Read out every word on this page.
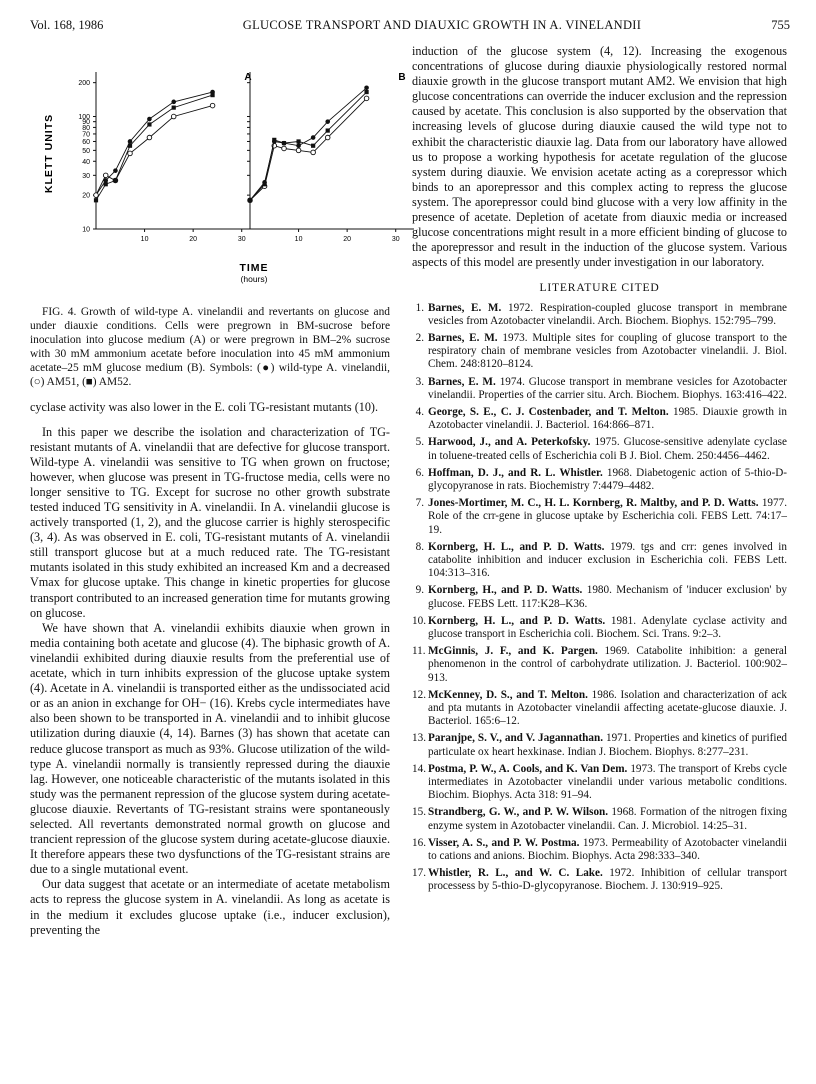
Vol. 168, 1986	GLUCOSE TRANSPORT AND DIAUXIC GROWTH IN A. VINELANDII	755
KLETT UNITS
TIME
(hours)
10
20
30
40
50
60
70
80
90
100
200
10	20	30
A
10	20	30
B

FIG. 4. Growth of wild-type A. vinelandii and revertants on glucose and under diauxie conditions. Cells were pregrown in BM-sucrose before inoculation into glucose medium (A) or were pregrown in BM–2% sucrose with 30 mM ammonium acetate before inoculation into 45 mM ammonium acetate–25 mM glucose medium (B). Symbols: (●) wild-type A. vinelandii, (○) AM51, (■) AM52.

cyclase activity was also lower in the E. coli TG-resistant mutants (10).

In this paper we describe the isolation and characterization of TG-resistant mutants of A. vinelandii that are defective for glucose transport. Wild-type A. vinelandii was sensitive to TG when grown on fructose; however, when glucose was present in TG-fructose media, cells were no longer sensitive to TG. Except for sucrose no other growth substrate tested induced TG sensitivity in A. vinelandii. In A. vinelandii glucose is actively transported (1, 2), and the glucose carrier is highly sterospecific (3, 4). As was observed in E. coli, TG-resistant mutants of A. vinelandii still transport glucose but at a much reduced rate. The TG-resistant mutants isolated in this study exhibited an increased Km and a decreased Vmax for glucose uptake. This change in kinetic properties for glucose transport contributed to an increased generation time for mutants growing on glucose.

We have shown that A. vinelandii exhibits diauxie when grown in media containing both acetate and glucose (4). The biphasic growth of A. vinelandii exhibited during diauxie results from the preferential use of acetate, which in turn inhibits expression of the glucose uptake system (4). Acetate in A. vinelandii is transported either as the undissociated acid or as an anion in exchange for OH− (16). Krebs cycle intermediates have also been shown to be transported in A. vinelandii and to inhibit glucose utilization during diauxie (4, 14). Barnes (3) has shown that acetate can reduce glucose transport as much as 93%. Glucose utilization of the wild-type A. vinelandii normally is transiently repressed during the diauxie lag. However, one noticeable characteristic of the mutants isolated in this study was the permanent repression of the glucose system during acetate-glucose diauxie. Revertants of TG-resistant strains were spontaneously selected. All revertants demonstrated normal growth on glucose and trancient repression of the glucose system during acetate-glucose diauxie. It therefore appears these two dysfunctions of the TG-resistant strains are due to a single mutational event.

Our data suggest that acetate or an intermediate of acetate metabolism acts to repress the glucose system in A. vinelandii. As long as acetate is in the medium it excludes glucose uptake (i.e., inducer exclusion), preventing the

induction of the glucose system (4, 12). Increasing the exogenous concentrations of glucose during diauxie physiologically restored normal diauxie growth in the glucose transport mutant AM2. We envision that high glucose concentrations can override the inducer exclusion and the repression caused by acetate. This conclusion is also supported by the observation that increasing levels of glucose during diauxie caused the wild type not to exhibit the characteristic diauxie lag. Data from our laboratory have allowed us to propose a working hypothesis for acetate regulation of the glucose system during diauxie. We envision acetate acting as a corepressor which binds to an aporepressor and this complex acting to repress the glucose system. The aporepressor could bind glucose with a very low affinity in the presence of acetate. Depletion of acetate from diauxic media or increased glucose concentrations might result in a more efficient binding of glucose to the aporepressor and result in the induction of the glucose system. Various aspects of this model are presently under investigation in our laboratory.

LITERATURE CITED
1. Barnes, E. M. 1972. Respiration-coupled glucose transport in membrane vesicles from Azotobacter vinelandii. Arch. Biochem. Biophys. 152:795–799.
2. Barnes, E. M. 1973. Multiple sites for coupling of glucose transport to the respiratory chain of membrane vesicles from Azotobacter vinelandii. J. Biol. Chem. 248:8120–8124.
3. Barnes, E. M. 1974. Glucose transport in membrane vesicles for Azotobacter vinelandii. Properties of the carrier situ. Arch. Biochem. Biophys. 163:416–422.
4. George, S. E., C. J. Costenbader, and T. Melton. 1985. Diauxie growth in Azotobacter vinelandii. J. Bacteriol. 164:866–871.
5. Harwood, J., and A. Peterkofsky. 1975. Glucose-sensitive adenylate cyclase in toluene-treated cells of Escherichia coli B J. Biol. Chem. 250:4456–4462.
6. Hoffman, D. J., and R. L. Whistler. 1968. Diabetogenic action of 5-thio-D-glycopyranose in rats. Biochemistry 7:4479–4482.
7. Jones-Mortimer, M. C., H. L. Kornberg, R. Maltby, and P. D. Watts. 1977. Role of the crr-gene in glucose uptake by Escherichia coli. FEBS Lett. 74:17–19.
8. Kornberg, H. L., and P. D. Watts. 1979. tgs and crr: genes involved in catabolite inhibition and inducer exclusion in Escherichia coli. FEBS Lett. 104:313–316.
9. Kornberg, H., and P. D. Watts. 1980. Mechanism of 'inducer exclusion' by glucose. FEBS Lett. 117:K28–K36.
10. Kornberg, H. L., and P. D. Watts. 1981. Adenylate cyclase activity and glucose transport in Escherichia coli. Biochem. Sci. Trans. 9:2–3.
11. McGinnis, J. F., and K. Pargen. 1969. Catabolite inhibition: a general phenomenon in the control of carbohydrate utilization. J. Bacteriol. 100:902–913.
12. McKenney, D. S., and T. Melton. 1986. Isolation and characterization of ack and pta mutants in Azotobacter vinelandii affecting acetate-glucose diauxie. J. Bacteriol. 165:6–12.
13. Paranjpe, S. V., and V. Jagannathan. 1971. Properties and kinetics of purified particulate ox heart hexkinase. Indian J. Biochem. Biophys. 8:277–231.
14. Postma, P. W., A. Cools, and K. Van Dem. 1973. The transport of Krebs cycle intermediates in Azotobacter vinelandii under various metabolic conditions. Biochim. Biophys. Acta 318: 91–94.
15. Strandberg, G. W., and P. W. Wilson. 1968. Formation of the nitrogen fixing enzyme system in Azotobacter vinelandii. Can. J. Microbiol. 14:25–31.
16. Visser, A. S., and P. W. Postma. 1973. Permeability of Azotobacter vinelandii to cations and anions. Biochim. Biophys. Acta 298:333–340.
17. Whistler, R. L., and W. C. Lake. 1972. Inhibition of cellular transport processess by 5-thio-D-glycopyranose. Biochem. J. 130:919–925.
